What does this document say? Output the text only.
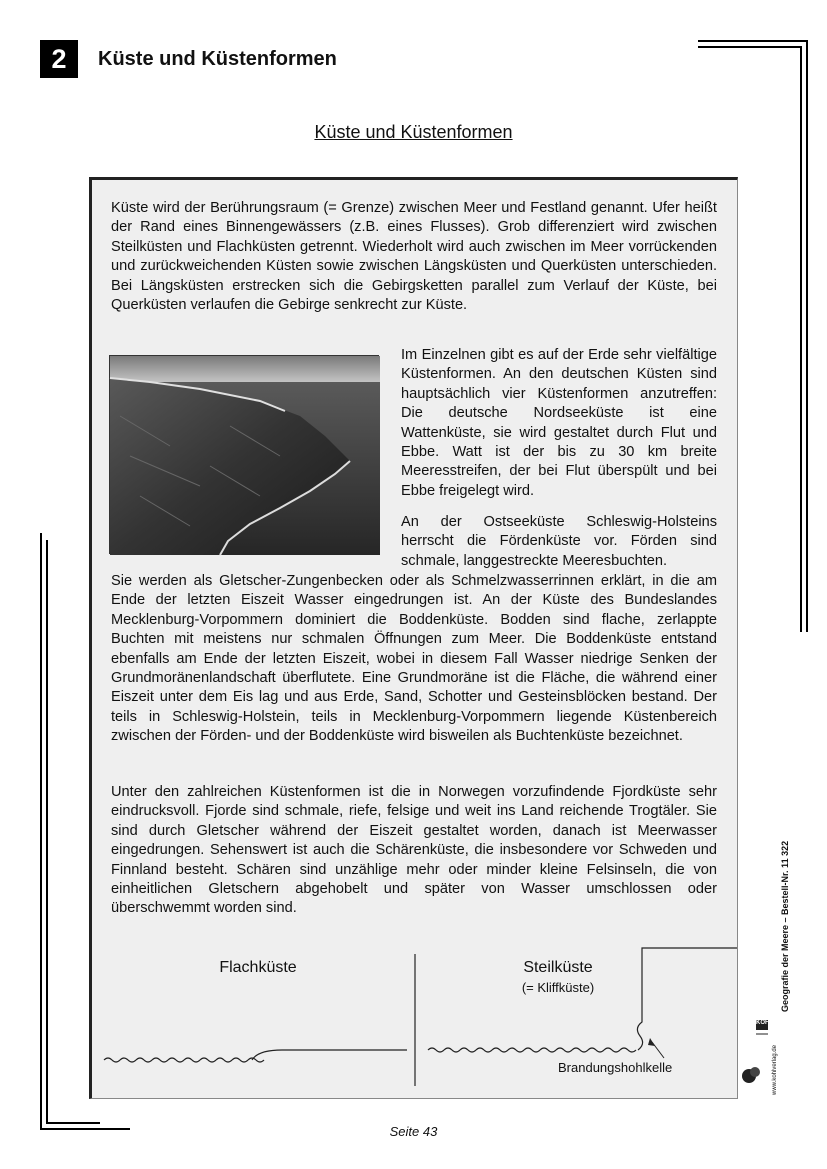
2	Küste und Küstenformen
Küste und Küstenformen
Küste wird der Berührungsraum (= Grenze) zwischen Meer und Festland genannt. Ufer heißt der Rand eines Binnengewässers (z.B. eines Flusses). Grob differenziert wird zwischen Steilküsten und Flachküsten getrennt. Wiederholt wird auch zwischen im Meer vorrückenden und zurückweichenden Küsten sowie zwischen Längsküsten und Querküsten unterschieden. Bei Längsküsten erstrecken sich die Gebirgsketten parallel zum Verlauf der Küste, bei Querküsten verlaufen die Gebirge senkrecht zur Küste.
Im Einzelnen gibt es auf der Erde sehr vielfältige Küstenformen. An den deutschen Küsten sind hauptsächlich vier Küstenformen anzutreffen: Die deutsche Nordseeküste ist eine Wattenküste, sie wird gestaltet durch Flut und Ebbe. Watt ist der bis zu 30 km breite Meeresstreifen, der bei Flut überspült und bei Ebbe freigelegt wird.
An der Ostseeküste Schleswig-Holsteins herrscht die Fördenküste vor. Förden sind schmale, langgestreckte Meeresbuchten.
Sie werden als Gletscher-Zungenbecken oder als Schmelzwasserrinnen erklärt, in die am Ende der letzten Eiszeit Wasser eingedrungen ist. An der Küste des Bundeslandes Mecklenburg-Vorpommern dominiert die Boddenküste. Bodden sind flache, zerlappte Buchten mit meistens nur schmalen Öffnungen zum Meer. Die Boddenküste entstand ebenfalls am Ende der letzten Eiszeit, wobei in diesem Fall Wasser niedrige Senken der Grundmoränenlandschaft überflutete. Eine Grundmoräne ist die Fläche, die während einer Eiszeit unter dem Eis lag und aus Erde, Sand, Schotter und Gesteinsblöcken bestand. Der teils in Schleswig-Holstein, teils in Mecklenburg-Vorpommern liegende Küstenbereich zwischen der Förden- und der Boddenküste wird bisweilen als Buchtenküste bezeichnet.
Unter den zahlreichen Küstenformen ist die in Norwegen vorzufindende Fjordküste sehr eindrucksvoll. Fjorde sind schmale, riefe, felsige und weit ins Land reichende Trogtäler. Sie sind durch Gletscher während der Eiszeit gestaltet worden, danach ist Meerwasser eingedrungen. Sehenswert ist auch die Schärenküste, die insbesondere vor Schweden und Finnland besteht. Schären sind unzählige mehr oder minder kleine Felsinseln, die von einheitlichen Gletschern abgehobelt und später von Wasser umschlossen oder überschwemmt worden sind.
Flachküste	Steilküste
(= Kliffküste)
Brandungshohlkelle
KOHL
Geografie der Meere – Bestell-Nr. 11 322
www.kohlverlag.de
Seite 43
